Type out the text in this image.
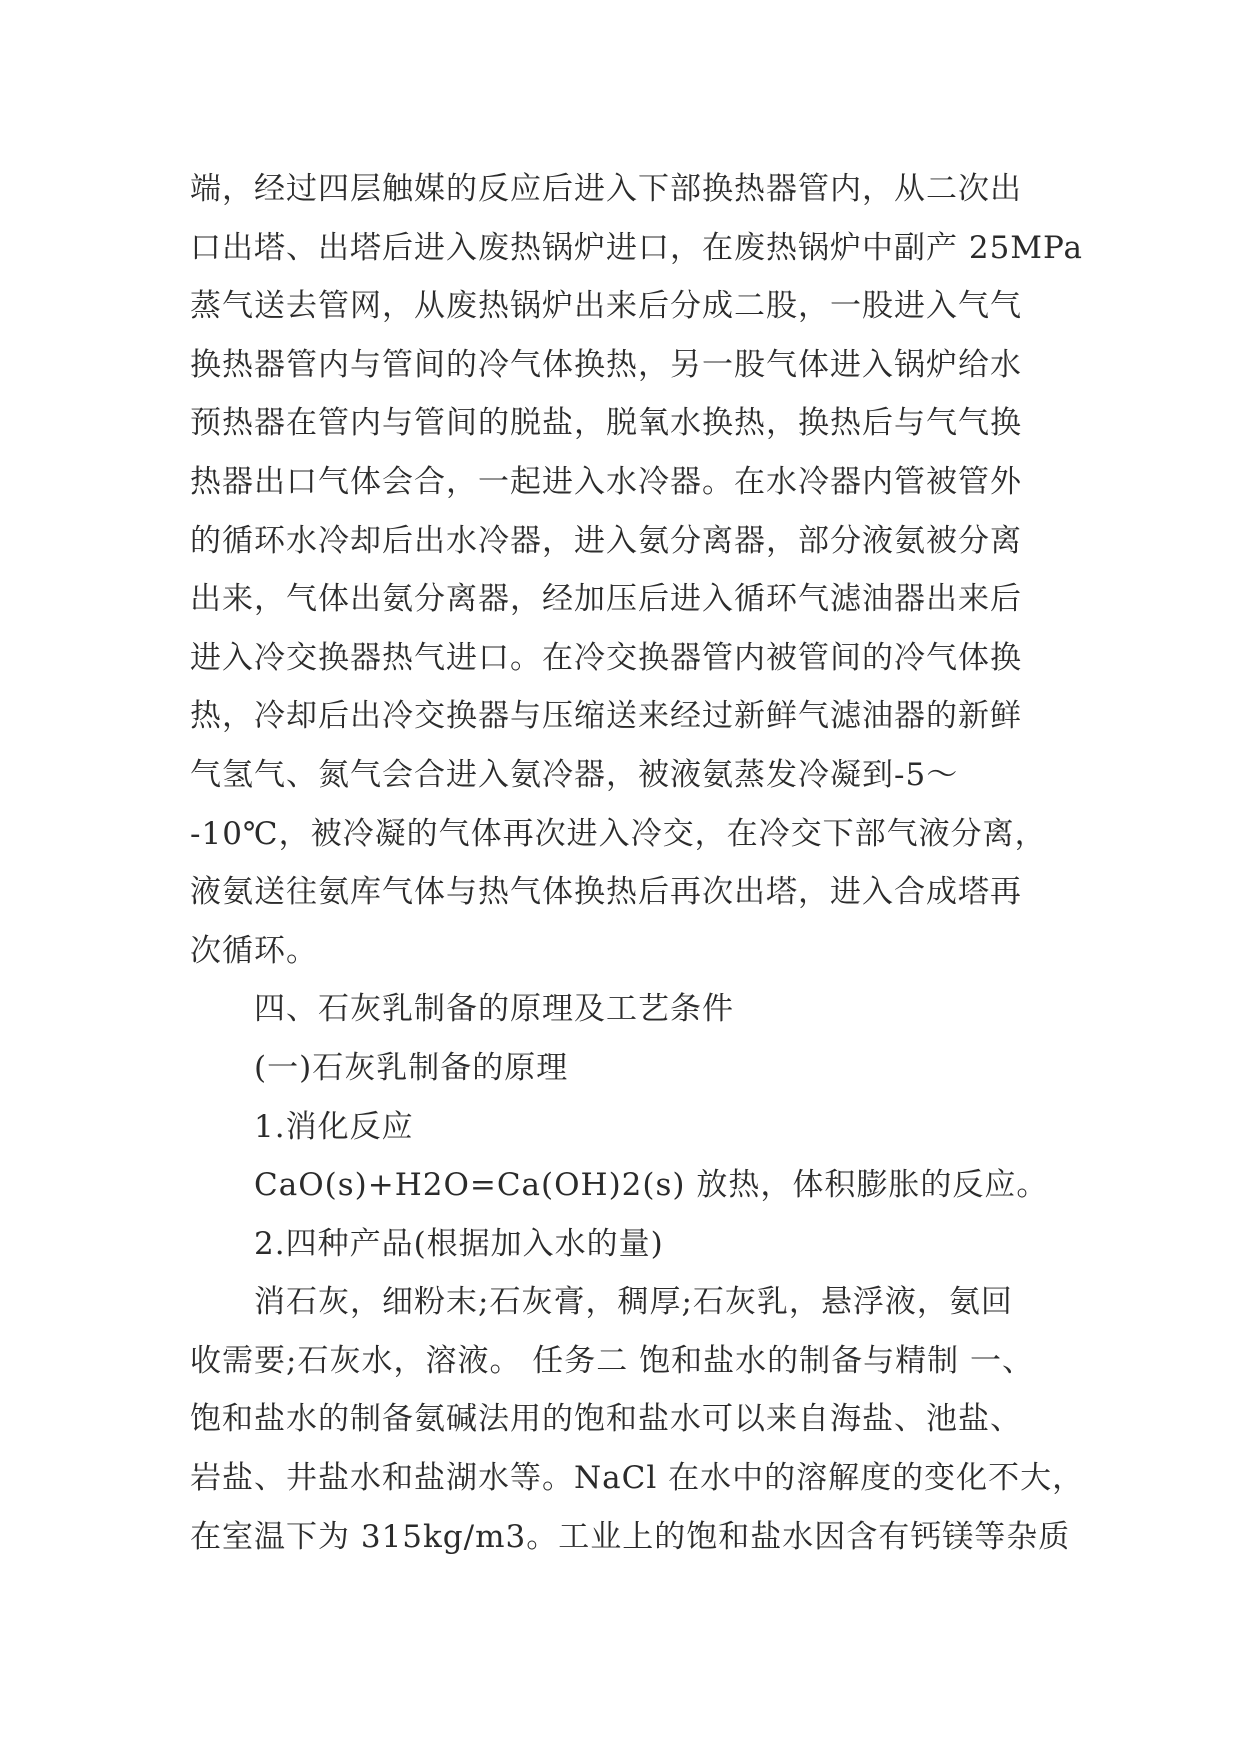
端，经过四层触媒的反应后进入下部换热器管内，从二次出
口出塔、出塔后进入废热锅炉进口，在废热锅炉中副产 25MPa
蒸气送去管网，从废热锅炉出来后分成二股，一股进入气气
换热器管内与管间的冷气体换热，另一股气体进入锅炉给水
预热器在管内与管间的脱盐，脱氧水换热，换热后与气气换
热器出口气体会合，一起进入水冷器。在水冷器内管被管外
的循环水冷却后出水冷器，进入氨分离器，部分液氨被分离
出来，气体出氨分离器，经加压后进入循环气滤油器出来后
进入冷交换器热气进口。在冷交换器管内被管间的冷气体换
热，冷却后出冷交换器与压缩送来经过新鲜气滤油器的新鲜
气氢气、氮气会合进入氨冷器，被液氨蒸发冷凝到-5～
-10℃，被冷凝的气体再次进入冷交，在冷交下部气液分离，
液氨送往氨库气体与热气体换热后再次出塔，进入合成塔再
次循环。
四、石灰乳制备的原理及工艺条件
(一)石灰乳制备的原理
1.消化反应
CaO(s)+H2O=Ca(OH)2(s) 放热，体积膨胀的反应。
2.四种产品(根据加入水的量)
消石灰，细粉末;石灰膏，稠厚;石灰乳，悬浮液，氨回
收需要;石灰水，溶液。 任务二 饱和盐水的制备与精制 一、
饱和盐水的制备氨碱法用的饱和盐水可以来自海盐、池盐、
岩盐、井盐水和盐湖水等。NaCl 在水中的溶解度的变化不大，
在室温下为 315kg/m3。工业上的饱和盐水因含有钙镁等杂质
